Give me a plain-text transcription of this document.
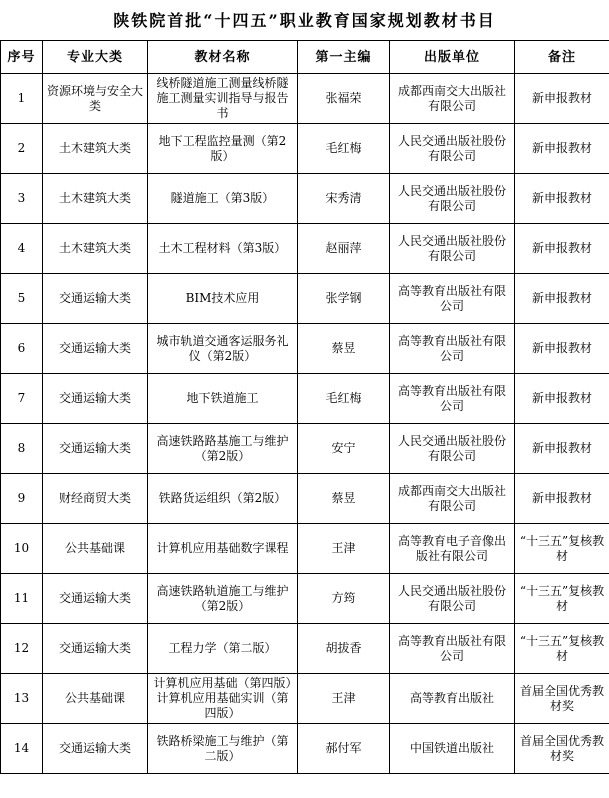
陕铁院首批“十四五”职业教育国家规划教材书目
序号	专业大类	教材名称	第一主编	出版单位	备注
1	资源环境与安全大类	线桥隧道施工测量线桥隧施工测量实训指导与报告书	张福荣	成都西南交大出版社有限公司	新申报教材
2	土木建筑大类	地下工程监控量测（第2版）	毛红梅	人民交通出版社股份有限公司	新申报教材
3	土木建筑大类	隧道施工（第3版）	宋秀清	人民交通出版社股份有限公司	新申报教材
4	土木建筑大类	土木工程材料（第3版）	赵丽萍	人民交通出版社股份有限公司	新申报教材
5	交通运输大类	BIM技术应用	张学钢	高等教育出版社有限公司	新申报教材
6	交通运输大类	城市轨道交通客运服务礼仪（第2版）	蔡昱	高等教育出版社有限公司	新申报教材
7	交通运输大类	地下铁道施工	毛红梅	高等教育出版社有限公司	新申报教材
8	交通运输大类	高速铁路路基施工与维护（第2版）	安宁	人民交通出版社股份有限公司	新申报教材
9	财经商贸大类	铁路货运组织（第2版）	蔡昱	成都西南交大出版社有限公司	新申报教材
10	公共基础课	计算机应用基础数字课程	王津	高等教育电子音像出版社有限公司	“十三五”复核教材
11	交通运输大类	高速铁路轨道施工与维护（第2版）	方筠	人民交通出版社股份有限公司	“十三五”复核教材
12	交通运输大类	工程力学（第二版）	胡拔香	高等教育出版社有限公司	“十三五”复核教材
13	公共基础课	计算机应用基础（第四版）计算机应用基础实训（第四版）	王津	高等教育出版社	首届全国优秀教材奖
14	交通运输大类	铁路桥梁施工与维护（第二版）	郝付军	中国铁道出版社	首届全国优秀教材奖
